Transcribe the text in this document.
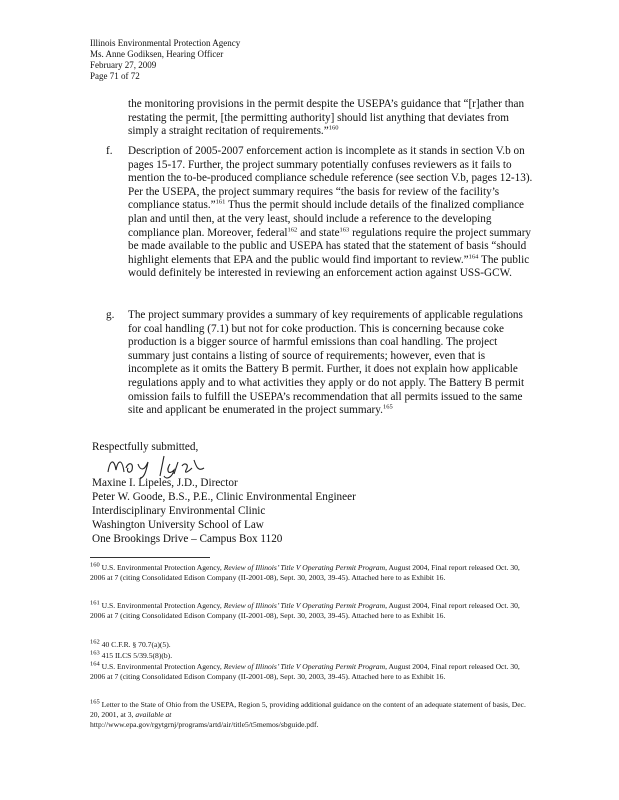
Illinois Environmental Protection Agency
Ms. Anne Godiksen, Hearing Officer
February 27, 2009
Page 71 of 72
the monitoring provisions in the permit despite the USEPA’s guidance that “[r]ather than restating the permit, [the permitting authority] should list anything that deviates from simply a straight recitation of requirements.”$^{160}$
f. Description of 2005-2007 enforcement action is incomplete as it stands in section V.b on pages 15-17. Further, the project summary potentially confuses reviewers as it fails to mention the to-be-produced compliance schedule reference (see section V.b, pages 12-13). Per the USEPA, the project summary requires “the basis for review of the facility’s compliance status.”$^{161}$ Thus the permit should include details of the finalized compliance plan and until then, at the very least, should include a reference to the developing compliance plan. Moreover, federal$^{162}$ and state$^{163}$ regulations require the project summary be made available to the public and USEPA has stated that the statement of basis “should highlight elements that EPA and the public would find important to review.”$^{164}$ The public would definitely be interested in reviewing an enforcement action against USS-GCW.
g. The project summary provides a summary of key requirements of applicable regulations for coal handling (7.1) but not for coke production. This is concerning because coke production is a bigger source of harmful emissions than coal handling. The project summary just contains a listing of source of requirements; however, even that is incomplete as it omits the Battery B permit. Further, it does not explain how applicable regulations apply and to what activities they apply or do not apply. The Battery B permit omission fails to fulfill the USEPA’s recommendation that all permits issued to the same site and applicant be enumerated in the project summary.$^{165}$
Respectfully submitted,
Maxine I. Lipeles, J.D., Director
Peter W. Goode, B.S., P.E., Clinic Environmental Engineer
Interdisciplinary Environmental Clinic
Washington University School of Law
One Brookings Drive – Campus Box 1120
$^{160}$ U.S. Environmental Protection Agency, Review of Illinois’ Title V Operating Permit Program, August 2004, Final report released Oct. 30, 2006 at 7 (citing Consolidated Edison Company (II-2001-08), Sept. 30, 2003, 39-45). Attached here to as Exhibit 16.
$^{161}$ U.S. Environmental Protection Agency, Review of Illinois’ Title V Operating Permit Program, August 2004, Final report released Oct. 30, 2006 at 7 (citing Consolidated Edison Company (II-2001-08), Sept. 30, 2003, 39-45). Attached here to as Exhibit 16.
$^{162}$ 40 C.F.R. § 70.7(a)(5).
$^{163}$ 415 ILCS 5/39.5(8)(b).
$^{164}$ U.S. Environmental Protection Agency, Review of Illinois’ Title V Operating Permit Program, August 2004, Final report released Oct. 30, 2006 at 7 (citing Consolidated Edison Company (II-2001-08), Sept. 30, 2003, 39-45). Attached here to as Exhibit 16.
$^{165}$ Letter to the State of Ohio from the USEPA, Region 5, providing additional guidance on the content of an adequate statement of basis, Dec. 20, 2001, at 3, available at
http://www.epa.gov/rgytgrnj/programs/artd/air/title5/t5memos/sbguide.pdf.
